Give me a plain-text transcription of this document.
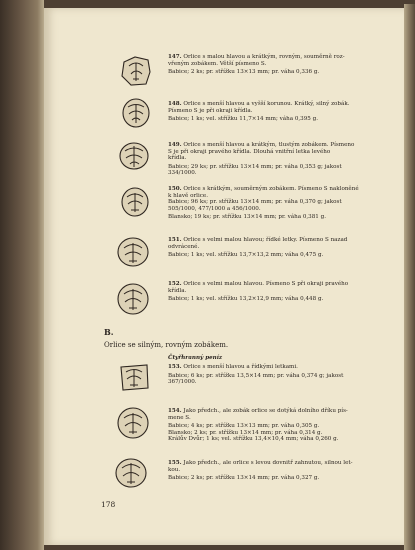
147. Orlice s malou hlavou a krátkým, rovným, souměrně roz-
vřeným zobákem. Větší písmeno S.
Babice; 2 ks; pr. střížku 13×13 mm; pr. váha 0,336 g.
148. Orlice s menší hlavou a vyšší korunou. Krátký, silný zobák.
Písmeno S je při okraji křídla.
Babice; 1 ks; vel. střížku 11,7×14 mm; váha 0,395 g.
149. Orlice s menší hlavou a krátkým, tlustým zobákem. Písmeno
S je při okraji pravého křídla. Dlouhá vnitřní letka levého
křídla.
Babice; 29 ks; pr. střížku 13×14 mm; pr. váha 0,353 g; jakost
334/1000.
150. Orlice s krátkým, souměrným zobákem. Písmeno S nakloněné
k hlavě orlice.
Babice; 96 ks; pr. střížku 13×14 mm; pr. váha 0,370 g; jakost
505/1000, 477/1000 a 456/1000.
Blansko; 19 ks; pr. střížku 13×14 mm; pr. váha 0,381 g.
151. Orlice s velmi malou hlavou; řídké letky. Písmeno S nazad
odvrácené.
Babice; 1 ks; vel. střížku 13,7×13,2 mm; váha 0,475 g.
152. Orlice s velmi malou hlavou. Písmeno S při okraji pravého
křídla.
Babice; 1 ks; vel. střížku 13,2×12,9 mm; váha 0,448 g.
B.
Orlice se silným, rovným zobákem.
Čtyřhranný peníz
153. Orlice s menší hlavou a řídkými letkami.
Babice; 6 ks; pr. střížku 13,5×14 mm; pr. váha 0,374 g; jakost
367/1000.
154. Jako předch., ale zobák orlice se dotýká dolního dříku pís-
mene S.
Babice; 4 ks; pr. střížku 13×13 mm; pr. váha 0,305 g.
Blansko; 2 ks; pr. střížku 13×14 mm; pr. váha 0,314 g.
Králův Dvůr; 1 ks; vel. střížku 13,4×10,4 mm; váha 0,260 g.
155. Jako předch., ale orlice s levou dovnitř zahnutou, silnou let-
kou.
Babice; 2 ks; pr. střížku 13×14 mm; pr. váha 0,327 g.
178
